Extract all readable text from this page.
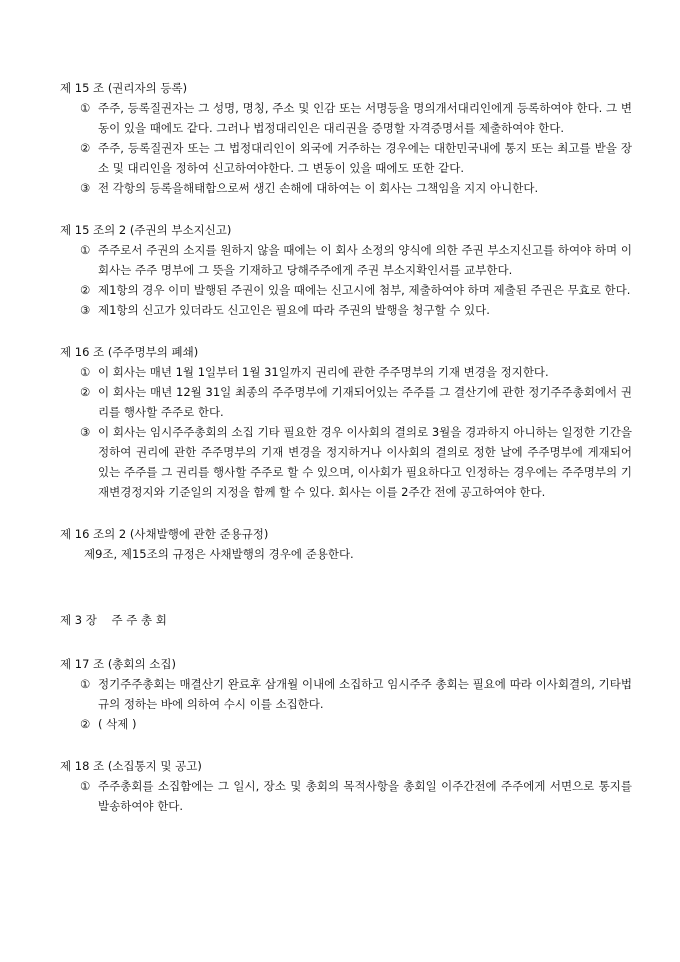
제 15 조 (권리자의 등록)
① 주주, 등록질권자는 그 성명, 명칭, 주소 및 인감 또는 서명등을 명의개서대리인에게 등록하여야 한다. 그 변동이 있을 때에도 같다. 그러나 법정대리인은 대리권을 증명할 자격증명서를 제출하여야 한다.
② 주주, 등록질권자 또는 그 법정대리인이 외국에 거주하는 경우에는 대한민국내에 통지 또는 최고를 받을 장소 및 대리인을 정하여 신고하여야한다. 그 변동이 있을 때에도 또한 같다.
③ 전 각항의 등록을해태함으로써 생긴 손해에 대하여는 이 회사는 그책임을 지지 아니한다.
제 15 조의 2 (주권의 부소지신고)
① 주주로서 주권의 소지를 원하지 않을 때에는 이 회사 소정의 양식에 의한 주권 부소지신고를 하여야 하며 이 회사는 주주 명부에 그 뜻을 기재하고 당해주주에게 주권 부소지확인서를 교부한다.
② 제1항의 경우 이미 발행된 주권이 있을 때에는 신고시에 첨부, 제출하여야 하며 제출된 주권은 무효로 한다.
③ 제1항의 신고가 있더라도 신고인은 필요에 따라 주권의 발행을 청구할 수 있다.
제 16 조 (주주명부의 폐쇄)
① 이 회사는 매년 1월 1일부터 1월 31일까지 권리에 관한 주주명부의 기재 변경을 정지한다.
② 이 회사는 매년 12월 31일 최종의 주주명부에 기재되어있는 주주를 그 결산기에 관한 정기주주총회에서 권리를 행사할 주주로 한다.
③ 이 회사는 임시주주총회의 소집 기타 필요한 경우 이사회의 결의로 3월을 경과하지 아니하는 일정한 기간을 정하여 권리에 관한 주주명부의 기재 변경을 정지하거나 이사회의 결의로 정한 날에 주주명부에 게재되어 있는 주주를 그 권리를 행사할 주주로 할 수 있으며, 이사회가 필요하다고 인정하는 경우에는 주주명부의 기재변경정지와 기준일의 지정을 함께 할 수 있다. 회사는 이를 2주간 전에 공고하여야 한다.
제 16 조의 2 (사채발행에 관한 준용규정)
제9조, 제15조의 규정은 사채발행의 경우에 준용한다.
제 3 장 주 주 총 회
제 17 조 (총회의 소집)
① 정기주주총회는 매결산기 완료후 삼개월 이내에 소집하고 임시주주 총회는 필요에 따라 이사회결의, 기타법규의 정하는 바에 의하여 수시 이를 소집한다.
② ( 삭제 )
제 18 조 (소집통지 및 공고)
① 주주총회를 소집함에는 그 일시, 장소 및 총회의 목적사항을 총회일 이주간전에 주주에게 서면으로 통지를 발송하여야 한다.
